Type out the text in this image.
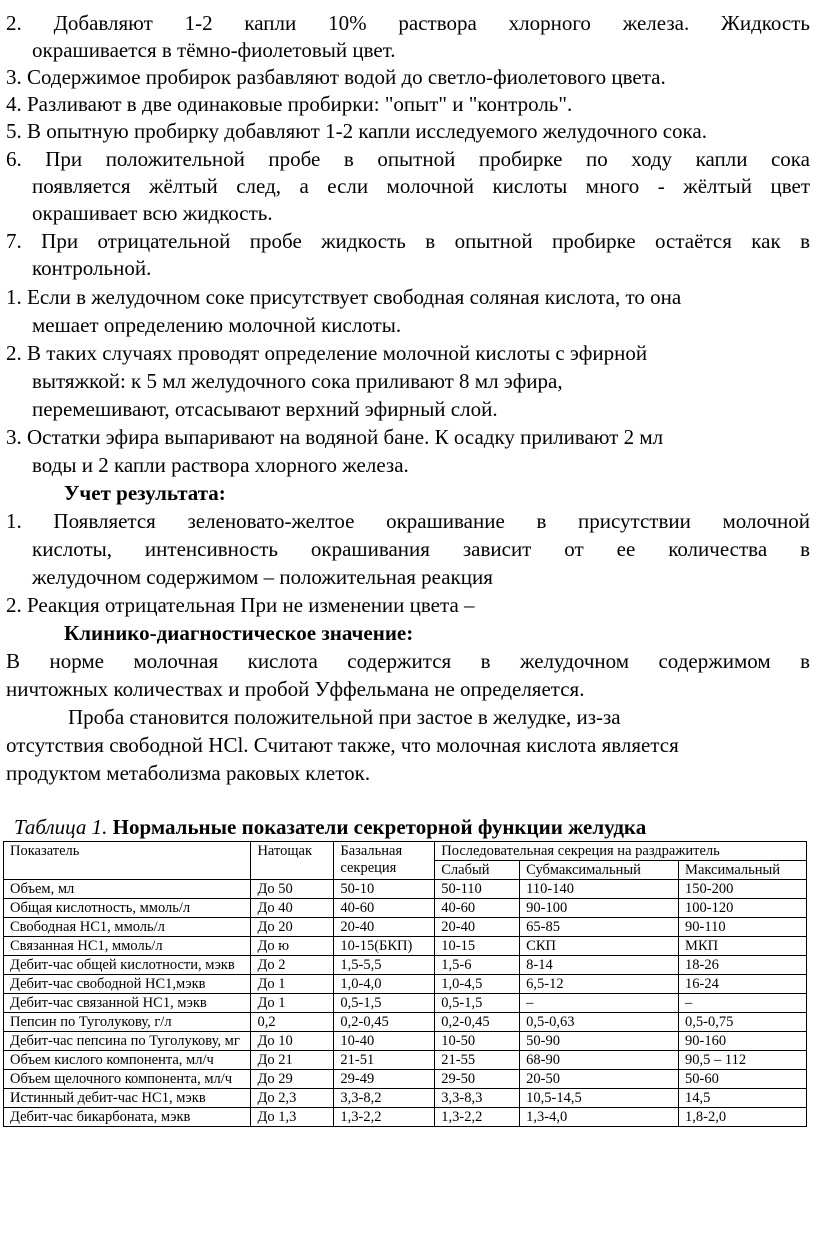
2. Добавляют 1-2 капли 10% раствора хлорного железа. Жидкость
окрашивается в тёмно-фиолетовый цвет.
3. Содержимое пробирок разбавляют водой до светло-фиолетового цвета.
4. Разливают в две одинаковые пробирки: "опыт" и "контроль".
5. В опытную пробирку добавляют 1-2 капли исследуемого желудочного сока.
6. При положительной пробе в опытной пробирке по ходу капли сока
появляется жёлтый след, а если молочной кислоты много - жёлтый цвет
окрашивает всю жидкость.
7. При отрицательной пробе жидкость в опытной пробирке остаётся как в
контрольной.
1. Если в желудочном соке присутствует свободная соляная кислота, то она
мешает определению молочной кислоты.
2. В таких случаях проводят определение молочной кислоты с эфирной
вытяжкой: к 5 мл желудочного сока приливают 8 мл эфира,
перемешивают, отсасывают верхний эфирный слой.
3. Остатки эфира выпаривают на водяной бане. К осадку приливают 2 мл
воды и 2 капли раствора хлорного железа.
Учет результата:
1. Появляется зеленовато-желтое окрашивание в присутствии молочной
кислоты, интенсивность окрашивания зависит от ее количества в
желудочном содержимом – положительная реакция
2. Реакция отрицательная При не изменении цвета –
Клинико-диагностическое значение:
В норме молочная кислота содержится в желудочном содержимом в
ничтожных количествах и пробой Уффельмана не определяется.
Проба становится положительной при застое в желудке, из-за
отсутствия свободной HCl. Считают также, что молочная кислота является
продуктом метаболизма раковых клеток.
Таблица 1. Нормальные показатели секреторной функции желудка
Показатель	Натощак	Базальная секреция	Последовательная секреция на раздражитель		
			Слабый	Субмаксимальный	Максимальный
Объем, мл	До 50	50-10	50-110	110-140	150-200
Общая кислотность, ммоль/л	До 40	40-60	40-60	90-100	100-120
Свободная НС1, ммоль/л	До 20	20-40	20-40	65-85	90-110
Связанная НС1, ммоль/л	До ю	10-15(БКП)	10-15	СКП	МКП
Дебит-час общей кислотности, мэкв	До 2	1,5-5,5	1,5-6	8-14	18-26
Дебит-час свободной НС1,мэкв	До 1	1,0-4,0	1,0-4,5	6,5-12	16-24
Дебит-час связанной НС1, мэкв	До 1	0,5-1,5	0,5-1,5	–	–
Пепсин по Туголукову, г/л	0,2	0,2-0,45	0,2-0,45	0,5-0,63	0,5-0,75
Дебит-час пепсина по Туголукову, мг	До 10	10-40	10-50	50-90	90-160
Объем кислого компонента, мл/ч	До 21	21-51	21-55	68-90	90,5 – 112
Объем щелочного компонента, мл/ч	До 29	29-49	29-50	20-50	50-60
Истинный дебит-час НС1, мэкв	До 2,3	3,3-8,2	3,3-8,3	10,5-14,5	14,5
Дебит-час бикарбоната, мэкв	До 1,3	1,3-2,2	1,3-2,2	1,3-4,0	1,8-2,0
